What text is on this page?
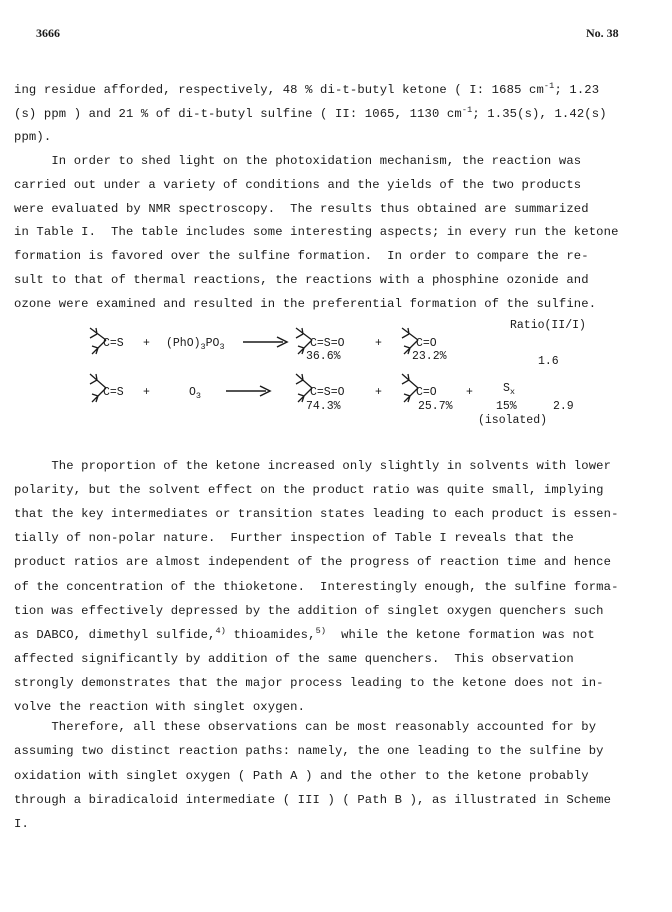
3666	No. 38
ing residue afforded, respectively, 48 % di-t-butyl ketone ( I: 1685 $cm^{-1}$; 1.23
(s) ppm ) and 21 % of di-t-butyl sulfine ( II: 1065, 1130 $cm^{-1}$; 1.35(s), 1.42(s)
ppm).
In order to shed light on the photoxidation mechanism, the reaction was
carried out under a variety of conditions and the yields of the two products
were evaluated by NMR spectroscopy.  The results thus obtained are summarized
in Table I.  The table includes some interesting aspects; in every run the ketone
formation is favored over the sulfine formation.  In order to compare the re-
sult to that of thermal reactions, the reactions with a phosphine ozonide and
ozone were examined and resulted in the preferential formation of the sulfine.
Ratio(II/I)
$C=S + (PhO)_3PO_3 \to C=S=O$
36.6%
+	C=O
23.2%	1.6
C=S +	$O_3$	C=S=O
74.3%
+	C=O
25.7%
+	$S_x$
15%
(isolated)
2.9
The proportion of the ketone increased only slightly in solvents with lower
polarity, but the solvent effect on the product ratio was quite small, implying
that the key intermediates or transition states leading to each product is essen-
tially of non-polar nature.  Further inspection of Table I reveals that the
product ratios are almost independent of the progress of reaction time and hence
of the concentration of the thioketone.  Interestingly enough, the sulfine forma-
tion was effectively depressed by the addition of singlet oxygen quenchers such
as DABCO, dimethyl sulfide,$^{4)}$ thioamides,$^{5)}$  while the ketone formation was not
affected significantly by addition of the same quenchers.  This observation
strongly demonstrates that the major process leading to the ketone does not in-
volve the reaction with singlet oxygen.
Therefore, all these observations can be most reasonably accounted for by
assuming two distinct reaction paths: namely, the one leading to the sulfine by
oxidation with singlet oxygen ( Path A ) and the other to the ketone probably
through a biradicaloid intermediate ( III ) ( Path B ), as illustrated in Scheme
I.
